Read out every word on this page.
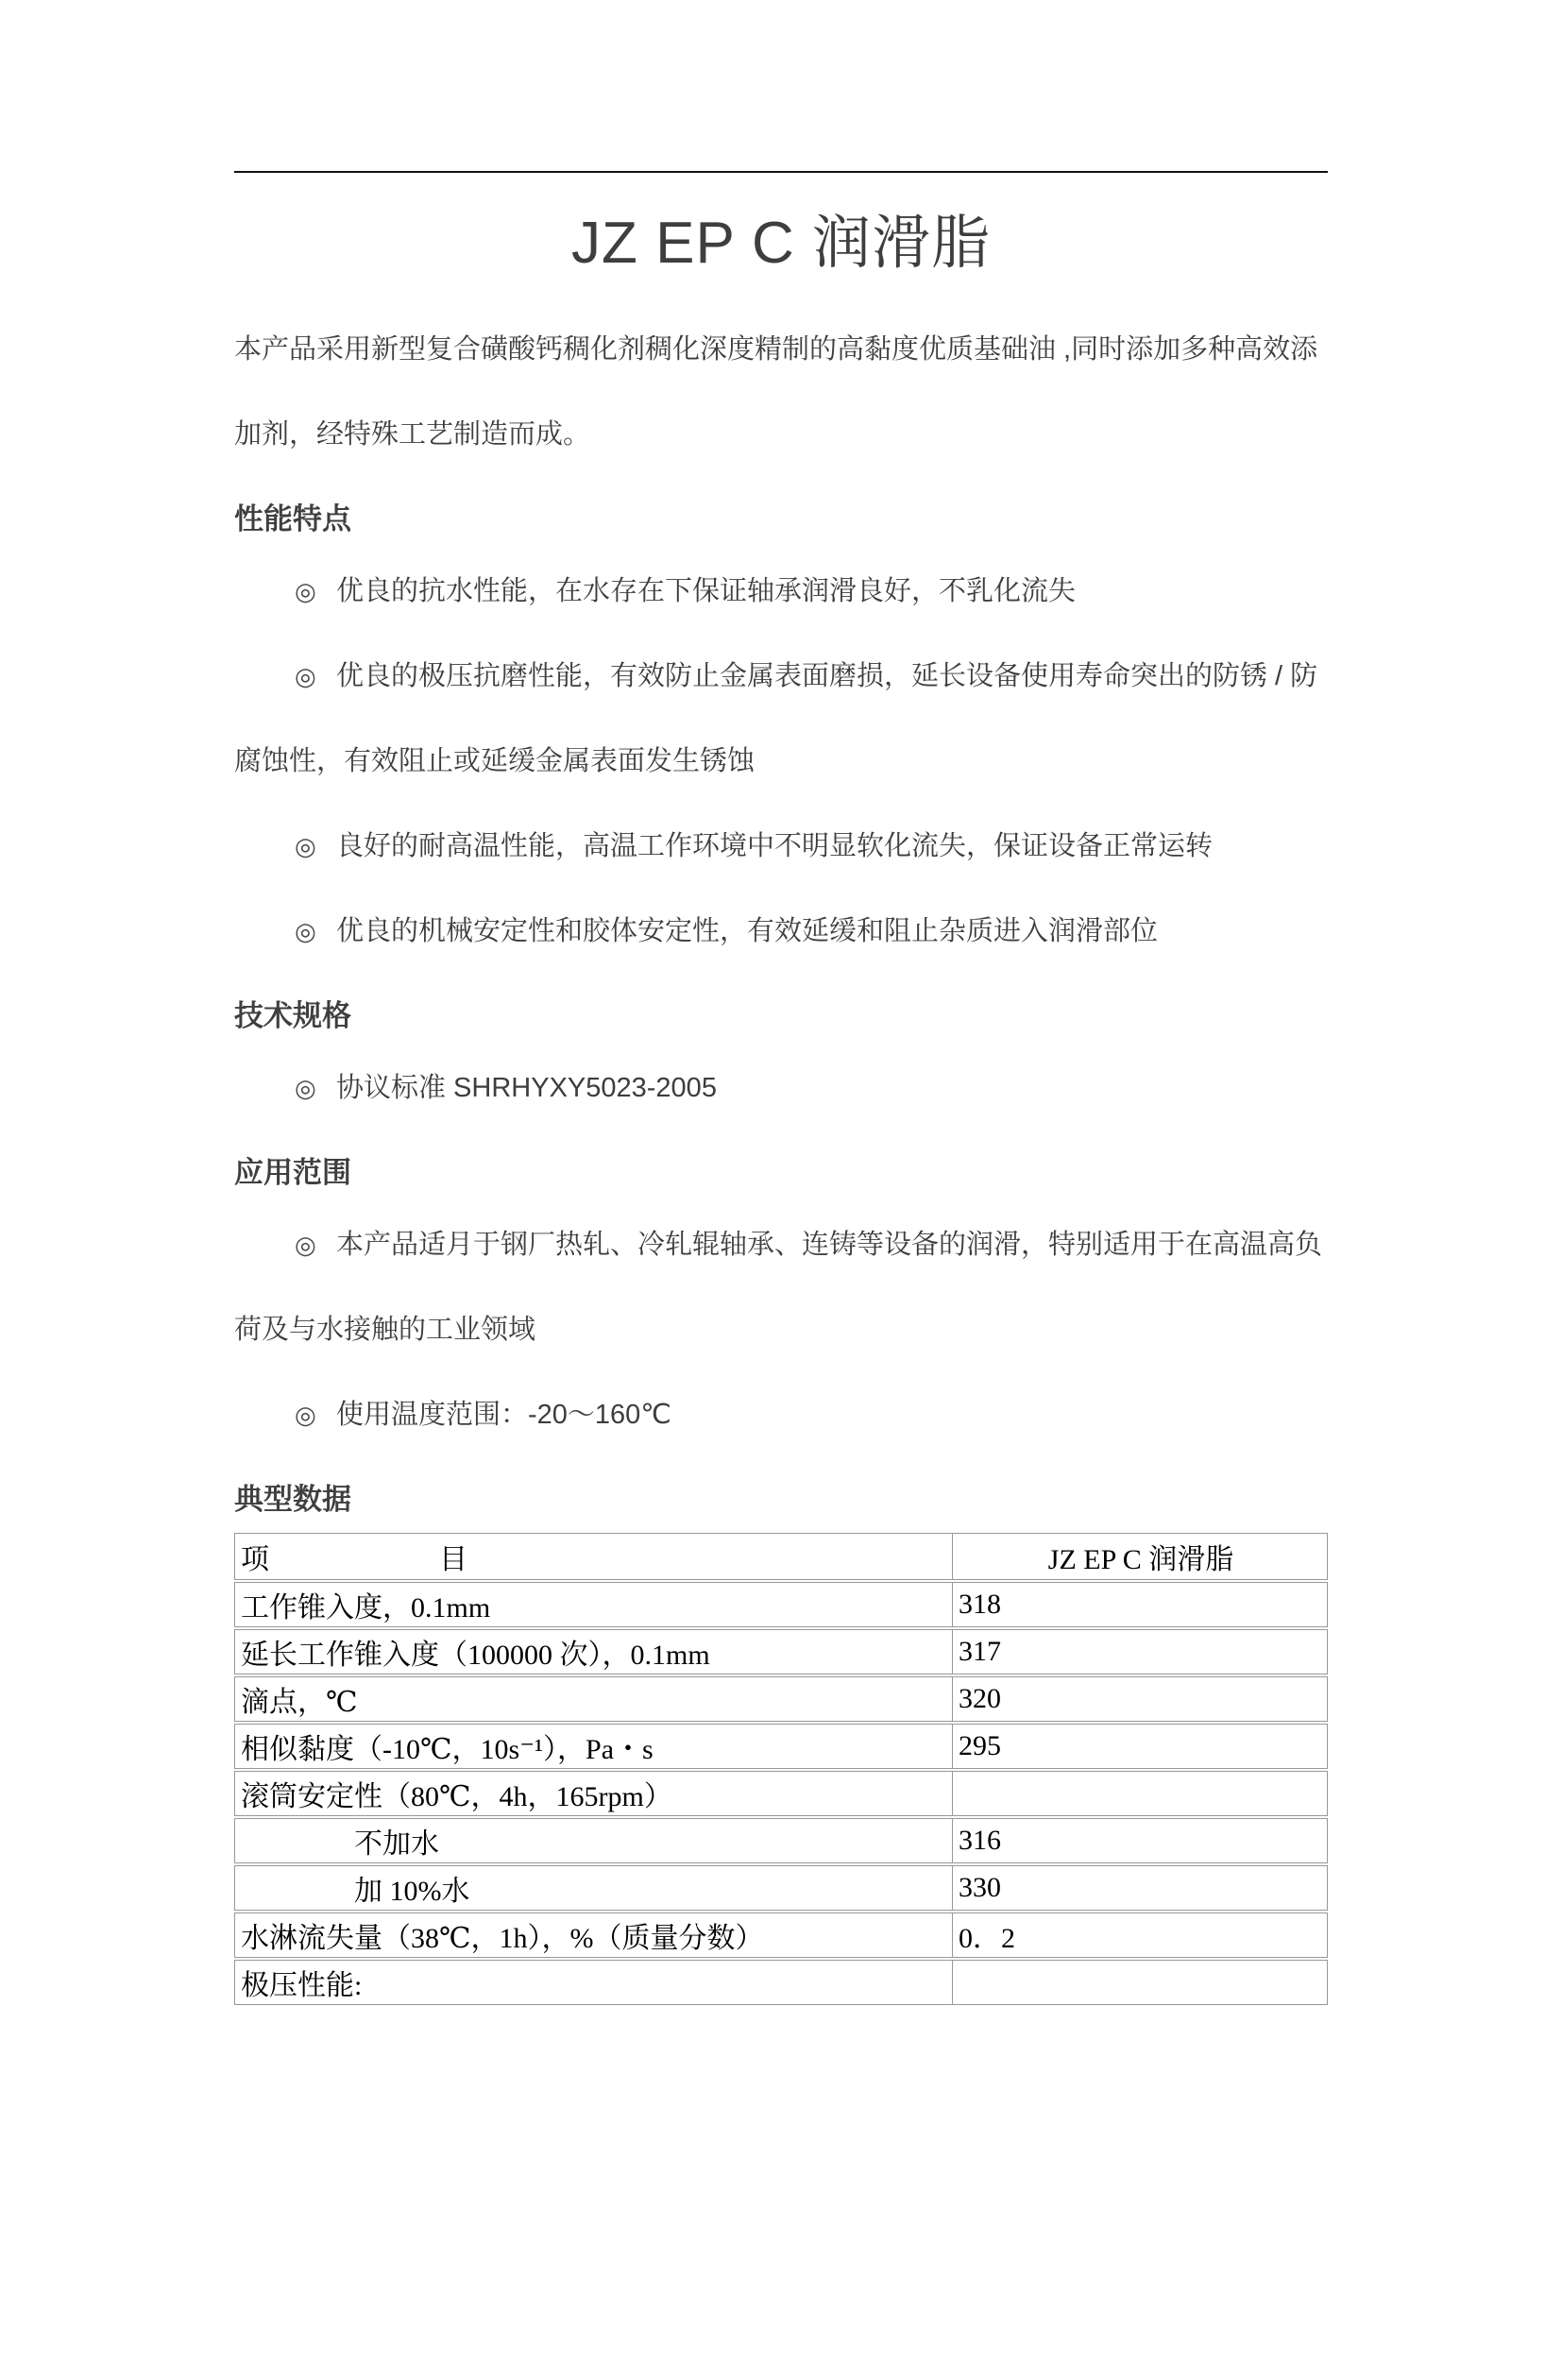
JZ EP C 润滑脂

本产品采用新型复合磺酸钙稠化剂稠化深度精制的高黏度优质基础油 ,同时添加多种高效添

加剂，经特殊工艺制造而成。

性能特点

◎ 优良的抗水性能，在水存在下保证轴承润滑良好，不乳化流失

◎ 优良的极压抗磨性能，有效防止金属表面磨损，延长设备使用寿命突出的防锈 / 防

腐蚀性，有效阻止或延缓金属表面发生锈蚀

◎ 良好的耐高温性能，高温工作环境中不明显软化流失，保证设备正常运转

◎ 优良的机械安定性和胶体安定性，有效延缓和阻止杂质进入润滑部位

技术规格

◎ 协议标准 SHRHYXY5023-2005

应用范围

◎ 本产品适月于钢厂热轧、冷轧辊轴承、连铸等设备的润滑，特别适用于在高温高负

荷及与水接触的工业领域

◎ 使用温度范围：-20～160℃

典型数据
项　　　　　　目	JZ EP C 润滑脂
工作锥入度，0.1mm	318
延长工作锥入度（100000 次），0.1mm	317
滴点，℃	320
相似黏度（-10℃，10s⁻¹），Pa・s	295
滚筒安定性（80℃，4h，165rpm）	
　　　　不加水	316
　　　　加 10%水	330
水淋流失量（38℃，1h），%（质量分数）	0．2
极压性能:	
